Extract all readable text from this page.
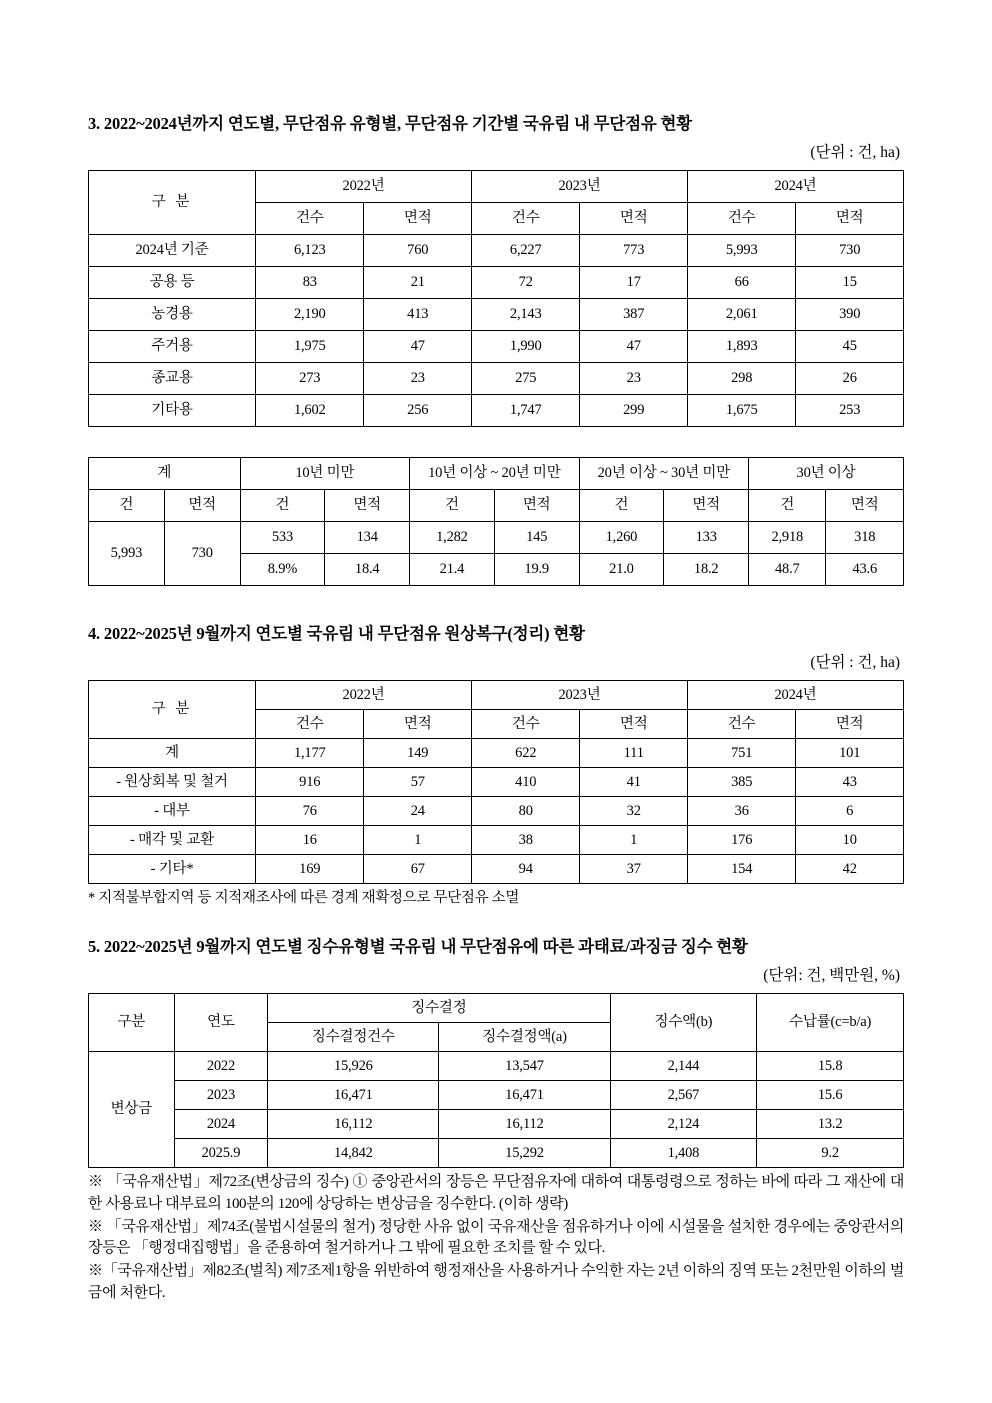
3. 2022~2024년까지 연도별, 무단점유 유형별, 무단점유 기간별 국유림 내 무단점유 현황
(단위 : 건, ha)
구 분	2022년		2023년		2024년	
	건수	면적	건수	면적	건수	면적
2024년 기준	6,123	760	6,227	773	5,993	730
공용 등	83	21	72	17	66	15
농경용	2,190	413	2,143	387	2,061	390
주거용	1,975	47	1,990	47	1,893	45
종교용	273	23	275	23	298	26
기타용	1,602	256	1,747	299	1,675	253
계		10년 미만		10년 이상 ~ 20년 미만		20년 이상 ~ 30년 미만		30년 이상	
건	면적	건	면적	건	면적	건	면적	건	면적
5,993	730	533	134	1,282	145	1,260	133	2,918	318
		8.9%	18.4	21.4	19.9	21.0	18.2	48.7	43.6
4. 2022~2025년 9월까지 연도별 국유림 내 무단점유 원상복구(정리) 현황
(단위 : 건, ha)
구 분	2022년		2023년		2024년	
	건수	면적	건수	면적	건수	면적
계	1,177	149	622	111	751	101
- 원상회복 및 철거	916	57	410	41	385	43
- 대부	76	24	80	32	36	6
- 매각 및 교환	16	1	38	1	176	10
- 기타*	169	67	94	37	154	42

* 지적불부합지역 등 지적재조사에 따른 경계 재확정으로 무단점유 소멸

5. 2022~2025년 9월까지 연도별 징수유형별 국유림 내 무단점유에 따른 과태료/과징금 징수 현황
(단위: 건, 백만원, %)
구분	연도	징수결정		징수액(b)	수납률(c=b/a)
		징수결정건수	징수결정액(a)		
변상금	2022	15,926	13,547	2,144	15.8
	2023	16,471	16,471	2,567	15.6
	2024	16,112	16,112	2,124	13.2
	2025.9	14,842	15,292	1,408	9.2

※ 「국유재산법」제72조(변상금의 징수) ① 중앙관서의 장등은 무단점유자에 대하여 대통령령으로 정하는 바에 따라 그 재산에 대한 사용료나 대부료의 100분의 120에 상당하는 변상금을 징수한다. (이하 생략)

※ 「국유재산법」제74조(불법시설물의 철거) 정당한 사유 없이 국유재산을 점유하거나 이에 시설물을 설치한 경우에는 중앙관서의 장등은 「행정대집행법」을 준용하여 철거하거나 그 밖에 필요한 조치를 할 수 있다.

※「국유재산법」제82조(벌칙) 제7조제1항을 위반하여 행정재산을 사용하거나 수익한 자는 2년 이하의 징역 또는 2천만원 이하의 벌금에 처한다.
